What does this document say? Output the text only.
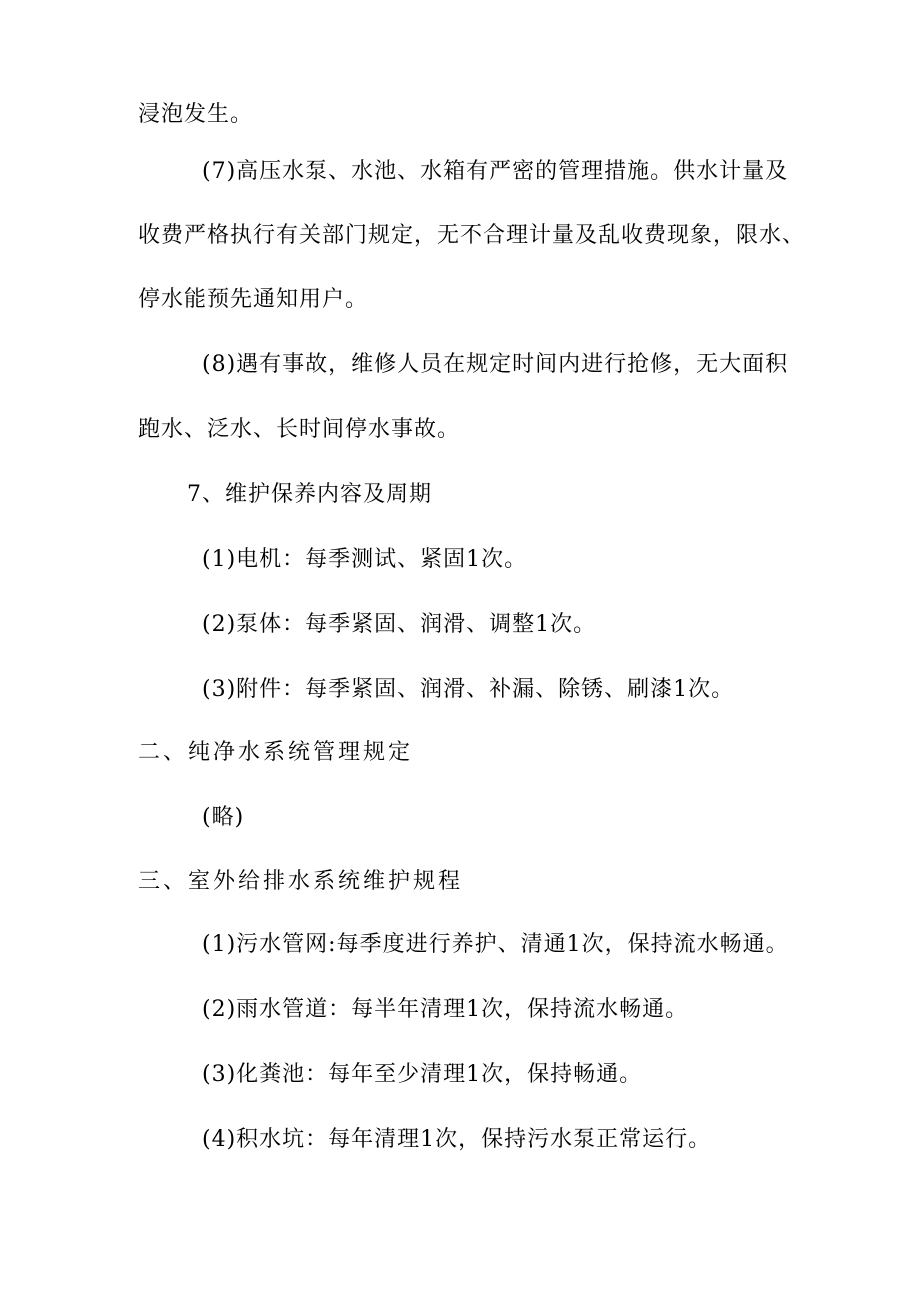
浸泡发生。
(7)高压水泵、水池、水箱有严密的管理措施。供水计量及
收费严格执行有关部门规定，无不合理计量及乱收费现象，限水、
停水能预先通知用户。
(8)遇有事故，维修人员在规定时间内进行抢修，无大面积
跑水、泛水、长时间停水事故。
7、维护保养内容及周期
(1)电机：每季测试、紧固1次。
(2)泵体：每季紧固、润滑、调整1次。
(3)附件：每季紧固、润滑、补漏、除锈、刷漆1次。
二、纯净水系统管理规定
(略)
三、室外给排水系统维护规程
(1)污水管网:每季度进行养护、清通1次，保持流水畅通。
(2)雨水管道：每半年清理1次，保持流水畅通。
(3)化粪池：每年至少清理1次，保持畅通。
(4)积水坑：每年清理1次，保持污水泵正常运行。
